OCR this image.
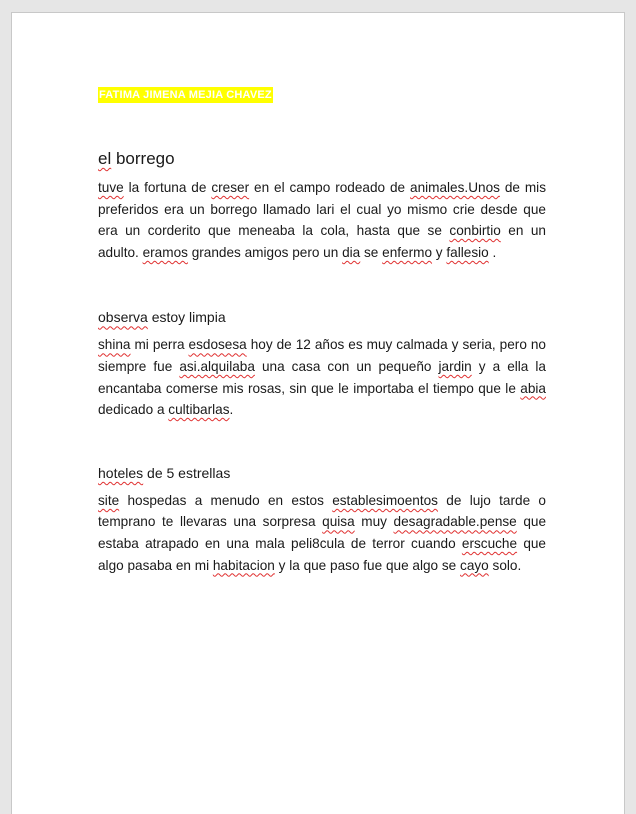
FATIMA JIMENA MEJIA CHAVEZ
el borrego

tuve la fortuna de creser en el campo rodeado de animales.Unos de mis preferidos era un borrego llamado lari el cual yo mismo crie desde que era un corderito que meneaba la cola, hasta que se conbirtio en un adulto. eramos grandes amigos pero un dia se enfermo y fallesio .

observa estoy limpia

shina mi perra esdosesa hoy de 12 años es muy calmada y seria, pero no siempre fue asi.alquilaba una casa con un pequeño jardin y a ella la encantaba comerse mis rosas, sin que le importaba el tiempo que le abia dedicado a cultibarlas.

hoteles de 5 estrellas

site hospedas a menudo en estos establesimoentos de lujo tarde o temprano te llevaras una sorpresa quisa muy desagradable.pense que estaba atrapado en una mala peli8cula de terror cuando erscuche que algo pasaba en mi habitacion y la que paso fue que algo se cayo solo.
